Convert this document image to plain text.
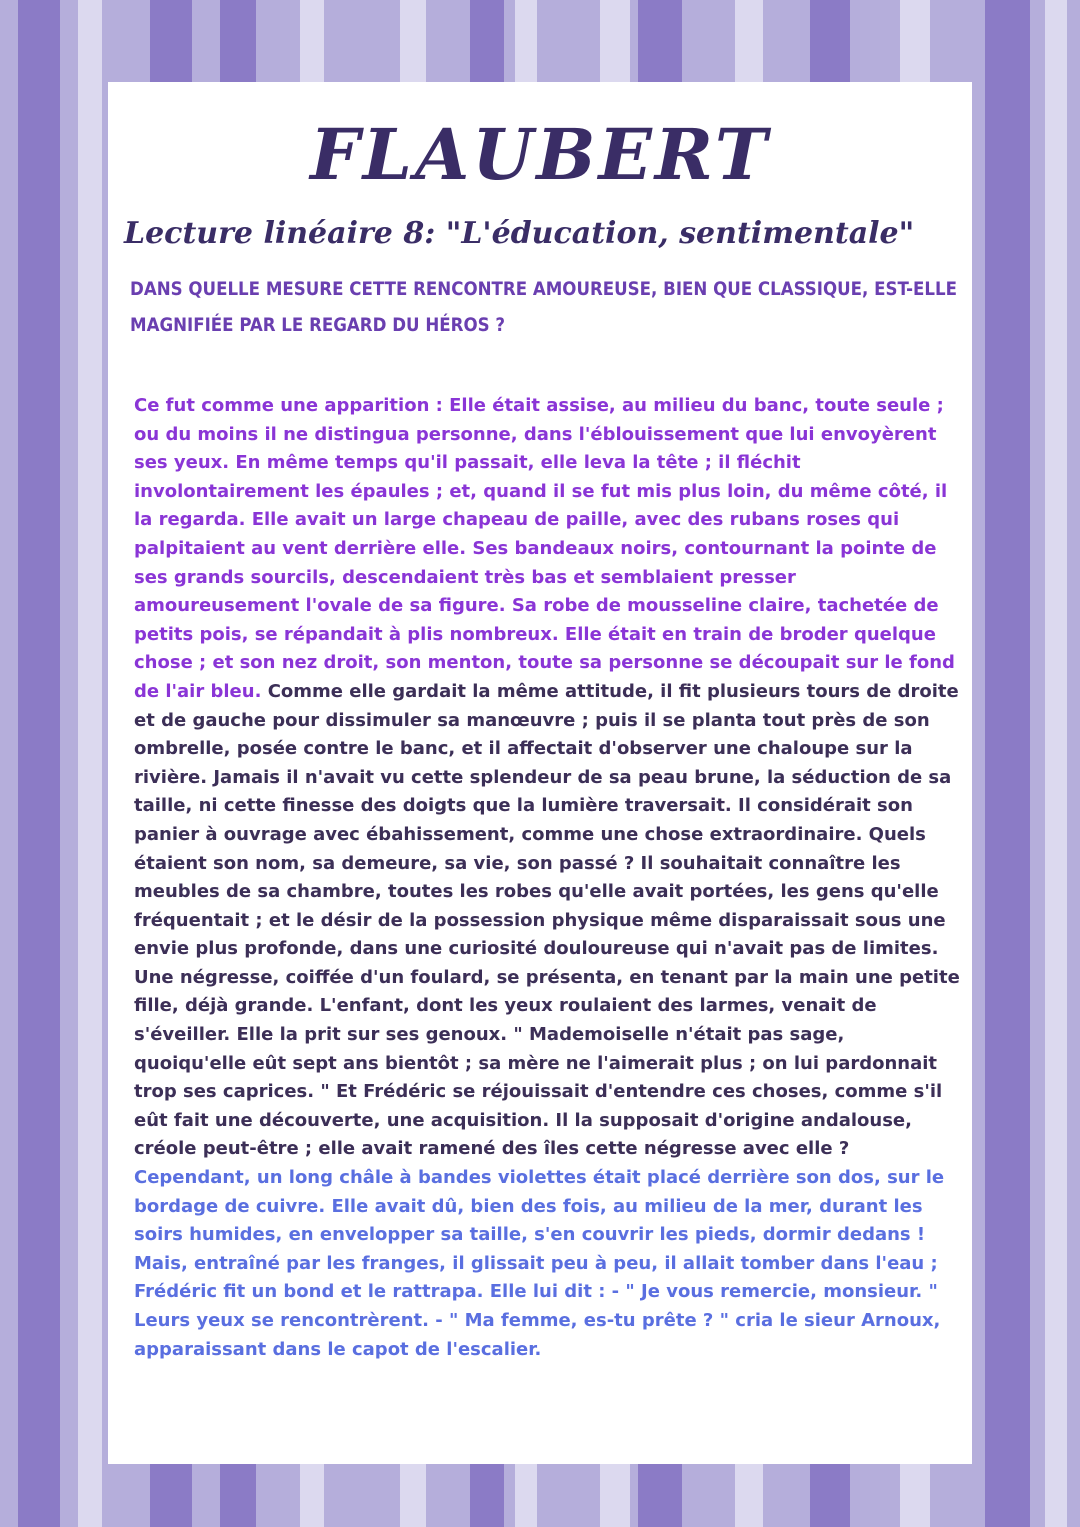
FLAUBERT
Lecture linéaire 8: "L'éducation, sentimentale"

DANS QUELLE MESURE CETTE RENCONTRE AMOUREUSE, BIEN QUE CLASSIQUE, EST-ELLE MAGNIFIÉE PAR LE REGARD DU HÉROS ?

Ce fut comme une apparition : Elle était assise, au milieu du banc, toute seule ; ou du moins il ne distingua personne, dans l'éblouissement que lui envoyèrent ses yeux. En même temps qu'il passait, elle leva la tête ; il fléchit involontairement les épaules ; et, quand il se fut mis plus loin, du même côté, il la regarda. Elle avait un large chapeau de paille, avec des rubans roses qui palpitaient au vent derrière elle. Ses bandeaux noirs, contournant la pointe de ses grands sourcils, descendaient très bas et semblaient presser amoureusement l'ovale de sa figure. Sa robe de mousseline claire, tachetée de petits pois, se répandait à plis nombreux. Elle était en train de broder quelque chose ; et son nez droit, son menton, toute sa personne se découpait sur le fond de l'air bleu. Comme elle gardait la même attitude, il fit plusieurs tours de droite et de gauche pour dissimuler sa manœuvre ; puis il se planta tout près de son ombrelle, posée contre le banc, et il affectait d'observer une chaloupe sur la rivière. Jamais il n'avait vu cette splendeur de sa peau brune, la séduction de sa taille, ni cette finesse des doigts que la lumière traversait. Il considérait son panier à ouvrage avec ébahissement, comme une chose extraordinaire. Quels étaient son nom, sa demeure, sa vie, son passé ? Il souhaitait connaître les meubles de sa chambre, toutes les robes qu'elle avait portées, les gens qu'elle fréquentait ; et le désir de la possession physique même disparaissait sous une envie plus profonde, dans une curiosité douloureuse qui n'avait pas de limites. Une négresse, coiffée d'un foulard, se présenta, en tenant par la main une petite fille, déjà grande. L'enfant, dont les yeux roulaient des larmes, venait de s'éveiller. Elle la prit sur ses genoux. " Mademoiselle n'était pas sage, quoiqu'elle eût sept ans bientôt ; sa mère ne l'aimerait plus ; on lui pardonnait trop ses caprices. " Et Frédéric se réjouissait d'entendre ces choses, comme s'il eût fait une découverte, une acquisition. Il la supposait d'origine andalouse, créole peut-être ; elle avait ramené des îles cette négresse avec elle ? Cependant, un long châle à bandes violettes était placé derrière son dos, sur le bordage de cuivre. Elle avait dû, bien des fois, au milieu de la mer, durant les soirs humides, en envelopper sa taille, s'en couvrir les pieds, dormir dedans ! Mais, entraîné par les franges, il glissait peu à peu, il allait tomber dans l'eau ; Frédéric fit un bond et le rattrapa. Elle lui dit : - " Je vous remercie, monsieur. " Leurs yeux se rencontrèrent. - " Ma femme, es-tu prête ? " cria le sieur Arnoux, apparaissant dans le capot de l'escalier.
